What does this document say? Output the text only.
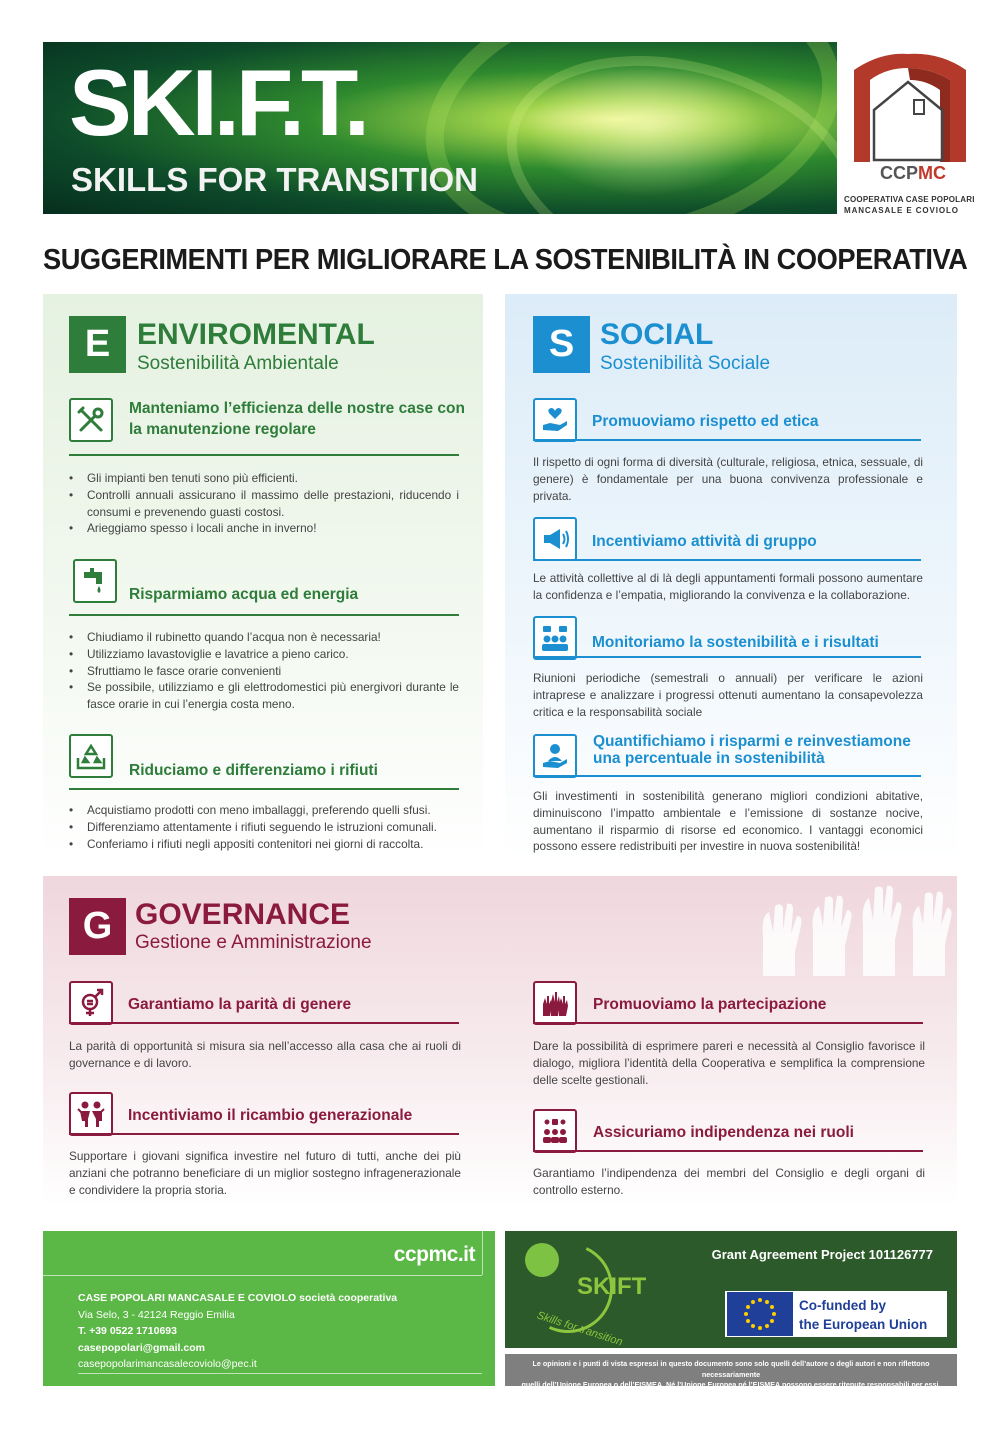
SKI.F.T.
SKILLS FOR TRANSITION	CCPMC
COOPERATIVA CASE POPOLARI
MANCASALE E COVIOLO
SUGGERIMENTI PER MIGLIORARE LA SOSTENIBILITÀ IN COOPERATIVA
E ENVIROMENTAL
Sostenibilità Ambientale
Manteniamo l’efficienza delle nostre case con
la manutenzione regolare
• Gli impianti ben tenuti sono più efficienti.
• Controlli annuali assicurano il massimo delle prestazioni, riducendo i consumi e prevenendo guasti costosi.
• Arieggiamo spesso i locali anche in inverno!
Risparmiamo acqua ed energia
• Chiudiamo il rubinetto quando l’acqua non è necessaria!
• Utilizziamo lavastoviglie e lavatrice a pieno carico.
• Sfruttiamo le fasce orarie convenienti
• Se possibile, utilizziamo e gli elettrodomestici più energivori durante le fasce orarie in cui l’energia costa meno.
Riduciamo e differenziamo i rifiuti
• Acquistiamo prodotti con meno imballaggi, preferendo quelli sfusi.
• Differenziamo attentamente i rifiuti seguendo le istruzioni comunali.
• Conferiamo i rifiuti negli appositi contenitori nei giorni di raccolta.
S SOCIAL
Sostenibilità Sociale
Promuoviamo rispetto ed etica
Il rispetto di ogni forma di diversità (culturale, religiosa, etnica, sessuale, di genere) è fondamentale per una buona convivenza professionale e privata.
Incentiviamo attività di gruppo
Le attività collettive al di là degli appuntamenti formali possono aumentare la confidenza e l’empatia, migliorando la convivenza e la collaborazione.
Monitoriamo la sostenibilità e i risultati
Riunioni periodiche (semestrali o annuali) per verificare le azioni intraprese e analizzare i progressi ottenuti aumentano la consapevolezza critica e la responsabilità sociale
Quantifichiamo i risparmi e reinvestiamone
una percentuale in sostenibilità
Gli investimenti in sostenibilità generano migliori condizioni abitative, diminuiscono l’impatto ambientale e l’emissione di sostanze nocive, aumentano il risparmio di risorse ed economico. I vantaggi economici possono essere redistribuiti per investire in nuova sostenibilità!
G GOVERNANCE
Gestione e Amministrazione
Garantiamo la parità di genere
La parità di opportunità si misura sia nell’accesso alla casa che ai ruoli di governance e di lavoro.
Incentiviamo il ricambio generazionale
Supportare i giovani significa investire nel futuro di tutti, anche dei più anziani che potranno beneficiare di un miglior sostegno infragenerazionale e condividere la propria storia.
Promuoviamo la partecipazione
Dare la possibilità di esprimere pareri e necessità al Consiglio favorisce il dialogo, migliora l’identità della Cooperativa e semplifica la comprensione delle scelte gestionali.
Assicuriamo indipendenza nei ruoli
Garantiamo l’indipendenza dei membri del Consiglio e degli organi di controllo esterno.
ccpmc.it
CASE POPOLARI MANCASALE E COVIOLO società cooperativa
Via Selo, 3 - 42124 Reggio Emilia
T. +39 0522 1710693
casepopolari@gmail.com
casepopolarimancasalecoviolo@pec.it
SKIFT
Skills for transition
Grant Agreement Project 101126777
Co-funded by
the European Union
Le opinioni e i punti di vista espressi in questo documento sono solo quelli dell’autore o degli autori e non riflettono necessariamente
quelli dell’Unione Europea o dell’EISMEA. Né l’Unione Europea né l’EISMEA possono essere ritenute responsabili per essi.
